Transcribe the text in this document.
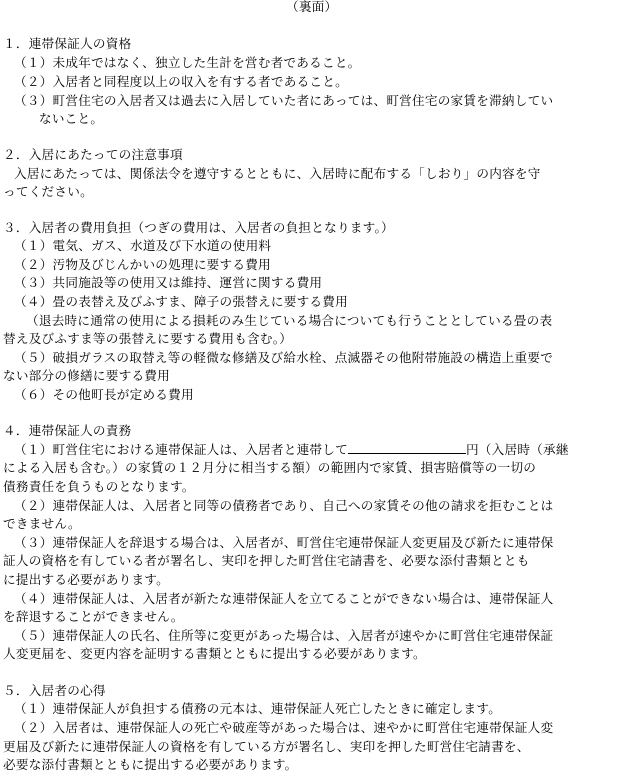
（裏面）
１．連帯保証人の資格
（１）未成年ではなく、独立した生計を営む者であること。
（２）入居者と同程度以上の収入を有する者であること。
（３）町営住宅の入居者又は過去に入居していた者にあっては、町営住宅の家賃を滞納してい
ないこと。
２．入居にあたっての注意事項
入居にあたっては、関係法令を遵守するとともに、入居時に配布する「しおり」の内容を守
ってください。
３．入居者の費用負担（つぎの費用は、入居者の負担となります。）
（１）電気、ガス、水道及び下水道の使用料
（２）汚物及びじんかいの処理に要する費用
（３）共同施設等の使用又は維持、運営に関する費用
（４）畳の表替え及びふすま、障子の張替えに要する費用
（退去時に通常の使用による損耗のみ生じている場合についても行うこととしている畳の表
替え及びふすま等の張替えに要する費用も含む。）
（５）破損ガラスの取替え等の軽微な修繕及び給水栓、点滅器その他附帯施設の構造上重要で
ない部分の修繕に要する費用
（６）その他町長が定める費用
４．連帯保証人の責務
（１）町営住宅における連帯保証人は、入居者と連帯して	円（入居時（承継
による入居も含む。）の家賃の１２月分に相当する額）の範囲内で家賃、損害賠償等の一切の
債務責任を負うものとなります。
（２）連帯保証人は、入居者と同等の債務者であり、自己への家賃その他の請求を拒むことは
できません。
（３）連帯保証人を辞退する場合は、入居者が、町営住宅連帯保証人変更届及び新たに連帯保
証人の資格を有している者が署名し、実印を押した町営住宅請書を、必要な添付書類ととも
に提出する必要があります。
（４）連帯保証人は、入居者が新たな連帯保証人を立てることができない場合は、連帯保証人
を辞退することができません。
（５）連帯保証人の氏名、住所等に変更があった場合は、入居者が速やかに町営住宅連帯保証
人変更届を、変更内容を証明する書類とともに提出する必要があります。
５．入居者の心得
（１）連帯保証人が負担する債務の元本は、連帯保証人死亡したときに確定します。
（２）入居者は、連帯保証人の死亡や破産等があった場合は、速やかに町営住宅連帯保証人変
更届及び新たに連帯保証人の資格を有している方が署名し、実印を押した町営住宅請書を、
必要な添付書類とともに提出する必要があります。
